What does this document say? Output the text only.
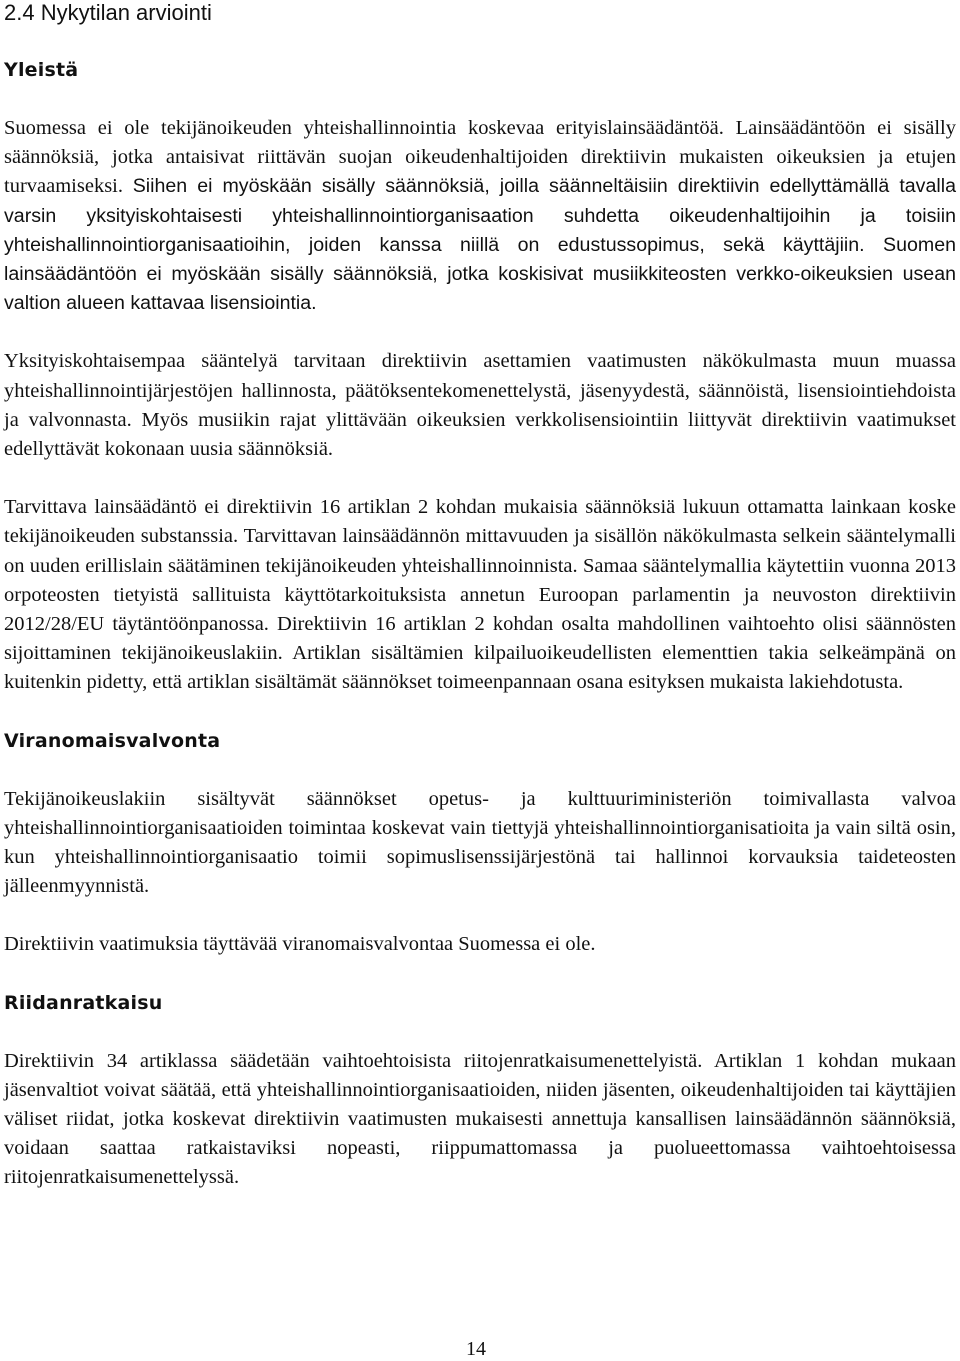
2.4 Nykytilan arviointi
Yleistä

Suomessa ei ole tekijänoikeuden yhteishallinnointia koskevaa erityislainsäädäntöä. Lainsäädäntöön ei sisälly säännöksiä, jotka antaisivat riittävän suojan oikeudenhaltijoiden direktiivin mukaisten oikeuksien ja etujen turvaamiseksi. Siihen ei myöskään sisälly säännöksiä, joilla säänneltäisiin direktiivin edellyttämällä tavalla varsin yksityiskohtaisesti yhteishallinnointiorganisaation suhdetta oikeudenhaltijoihin ja toisiin yhteishallinnointiorganisaatioihin, joiden kanssa niillä on edustussopimus, sekä käyttäjiin. Suomen lainsäädäntöön ei myöskään sisälly säännöksiä, jotka koskisivat musiikkiteosten verkko-oikeuksien usean valtion alueen kattavaa lisensiointia.

Yksityiskohtaisempaa sääntelyä tarvitaan direktiivin asettamien vaatimusten näkökulmasta muun muassa yhteishallinnointijärjestöjen hallinnosta, päätöksentekomenettelystä, jäsenyydestä, säännöistä, lisensiointiehdoista ja valvonnasta. Myös musiikin rajat ylittävään oikeuksien verkkolisensiointiin liittyvät direktiivin vaatimukset edellyttävät kokonaan uusia säännöksiä.

Tarvittava lainsäädäntö ei direktiivin 16 artiklan 2 kohdan mukaisia säännöksiä lukuun ottamatta lainkaan koske tekijänoikeuden substanssia. Tarvittavan lainsäädännön mittavuuden ja sisällön näkökulmasta selkein sääntelymalli on uuden erillislain säätäminen tekijänoikeuden yhteishallinnoinnista. Samaa sääntelymallia käytettiin vuonna 2013 orpoteosten tietyistä sallituista käyttötarkoituksista annetun Euroopan parlamentin ja neuvoston direktiivin 2012/28/EU täytäntöönpanossa. Direktiivin 16 artiklan 2 kohdan osalta mahdollinen vaihtoehto olisi säännösten sijoittaminen tekijänoikeuslakiin. Artiklan sisältämien kilpailuoikeudellisten elementtien takia selkeämpänä on kuitenkin pidetty, että artiklan sisältämät säännökset toimeenpannaan osana esityksen mukaista lakiehdotusta.

Viranomaisvalvonta

Tekijänoikeuslakiin sisältyvät säännökset opetus- ja kulttuuriministeriön toimivallasta valvoa yhteishallinnointiorganisaatioiden toimintaa koskevat vain tiettyjä yhteishallinnointiorganisatioita ja vain siltä osin, kun yhteishallinnointiorganisaatio toimii sopimuslisenssijärjestönä tai hallinnoi korvauksia taideteosten jälleenmyynnistä.

Direktiivin vaatimuksia täyttävää viranomaisvalvontaa Suomessa ei ole.

Riidanratkaisu

Direktiivin 34 artiklassa säädetään vaihtoehtoisista riitojenratkaisumenettelyistä. Artiklan 1 kohdan mukaan jäsenvaltiot voivat säätää, että yhteishallinnointiorganisaatioiden, niiden jäsenten, oikeudenhaltijoiden tai käyttäjien väliset riidat, jotka koskevat direktiivin vaatimusten mukaisesti annettuja kansallisen lainsäädännön säännöksiä, voidaan saattaa ratkaistaviksi nopeasti, riippumattomassa ja puolueettomassa vaihtoehtoisessa riitojenratkaisumenettelyssä.

14
